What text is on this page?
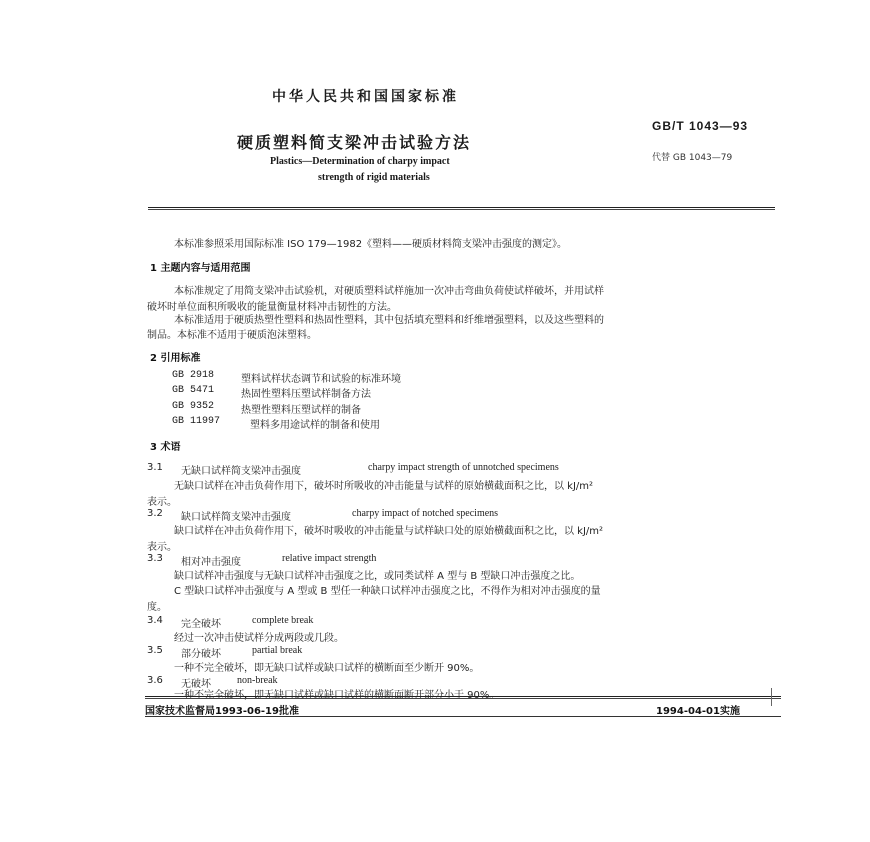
中华人民共和国国家标准
GB/T 1043—93
代替 GB 1043—79
硬质塑料简支梁冲击试验方法
Plastics—Determination of charpy impact
strength of rigid materials
本标准参照采用国际标准 ISO 179—1982《塑料——硬质材料简支梁冲击强度的测定》。
1 主题内容与适用范围
本标准规定了用简支梁冲击试验机，对硬质塑料试样施加一次冲击弯曲负荷使试样破坏，并用试样
破坏时单位面积所吸收的能量衡量材料冲击韧性的方法。
本标准适用于硬质热塑性塑料和热固性塑料，其中包括填充塑料和纤维增强塑料，以及这些塑料的
制品。本标准不适用于硬质泡沫塑料。
2 引用标准
GB 2918	塑料试样状态调节和试验的标准环境
GB 5471	热固性塑料压塑试样制备方法
GB 9352	热塑性塑料压塑试样的制备
GB 11997	塑料多用途试样的制备和使用
3 术语
3.1 无缺口试样简支梁冲击强度	charpy impact strength of unnotched specimens
无缺口试样在冲击负荷作用下，破坏时所吸收的冲击能量与试样的原始横截面积之比，以 kJ/m²
表示。
3.2 缺口试样简支梁冲击强度	charpy impact of notched specimens
缺口试样在冲击负荷作用下，破坏时吸收的冲击能量与试样缺口处的原始横截面积之比，以 kJ/m²
表示。
3.3 相对冲击强度	relative impact strength
缺口试样冲击强度与无缺口试样冲击强度之比，或同类试样 A 型与 B 型缺口冲击强度之比。
C 型缺口试样冲击强度与 A 型或 B 型任一种缺口试样冲击强度之比，不得作为相对冲击强度的量
度。
3.4 完全破坏	complete break
经过一次冲击使试样分成两段或几段。
3.5 部分破坏	partial break
一种不完全破坏，即无缺口试样或缺口试样的横断面至少断开 90%。
3.6 无破坏	non-break
一种不完全破坏，即无缺口试样或缺口试样的横断面断开部分小于 90%。
国家技术监督局1993-06-19批准	1994-04-01实施
